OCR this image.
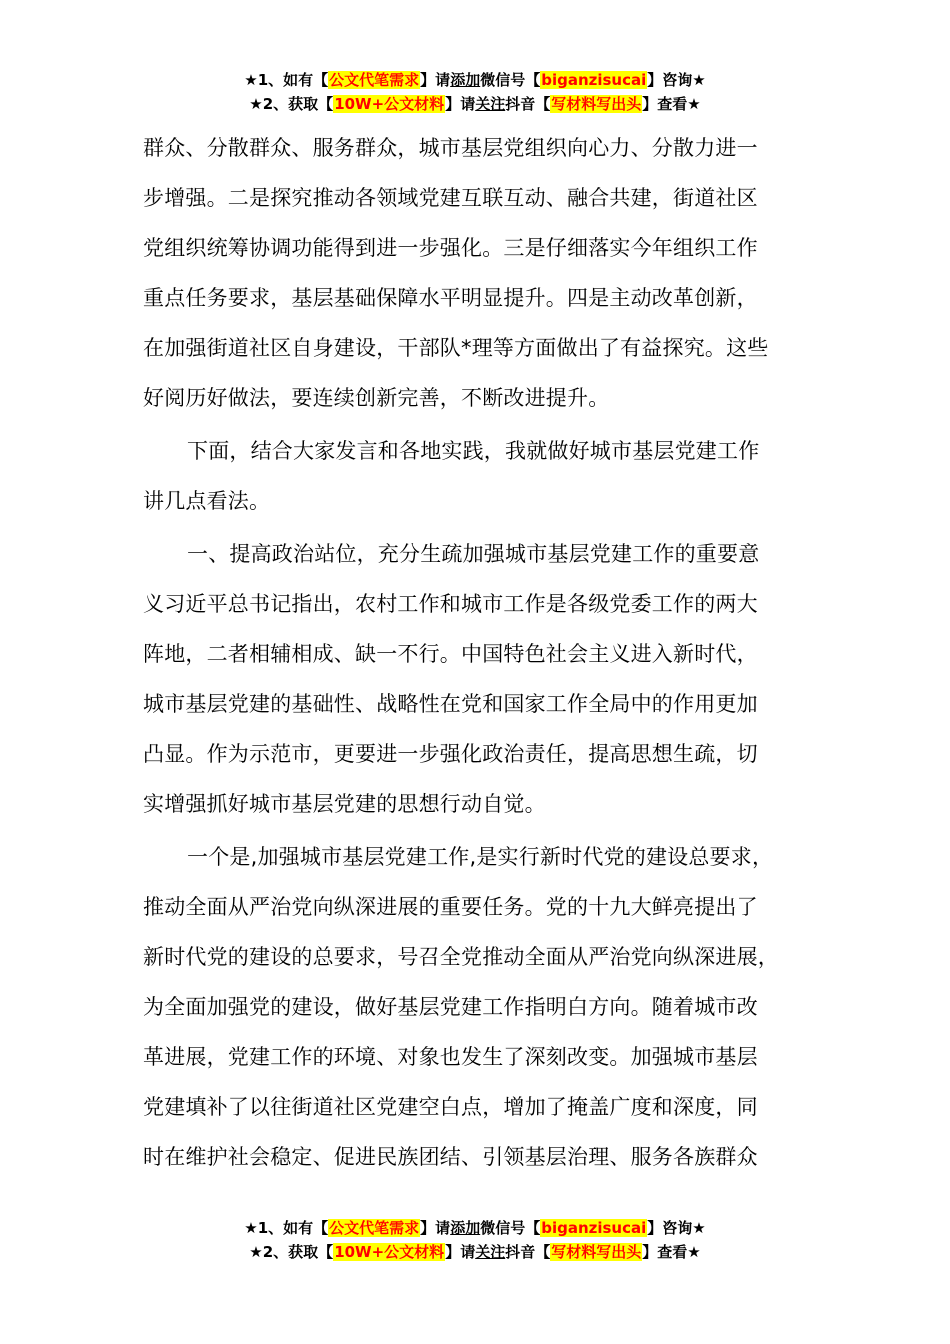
★1、如有【公文代笔需求】请添加微信号【biganzisucai】咨询★
★2、获取【10W+公文材料】请关注抖音【写材料写出头】查看★
群众、分散群众、服务群众，城市基层党组织向心力、分散力进一
步增强。二是探究推动各领域党建互联互动、融合共建，街道社区
党组织统筹协调功能得到进一步强化。三是仔细落实今年组织工作
重点任务要求，基层基础保障水平明显提升。四是主动改革创新，
在加强街道社区自身建设，干部队*理等方面做出了有益探究。这些
好阅历好做法，要连续创新完善，不断改进提升。
下面，结合大家发言和各地实践，我就做好城市基层党建工作
讲几点看法。
一、提高政治站位，充分生疏加强城市基层党建工作的重要意
义习近平总书记指出，农村工作和城市工作是各级党委工作的两大
阵地，二者相辅相成、缺一不行。中国特色社会主义进入新时代，
城市基层党建的基础性、战略性在党和国家工作全局中的作用更加
凸显。作为示范市，更要进一步强化政治责任，提高思想生疏，切
实增强抓好城市基层党建的思想行动自觉。
一个是,加强城市基层党建工作,是实行新时代党的建设总要求，
推动全面从严治党向纵深进展的重要任务。党的十九大鲜亮提出了
新时代党的建设的总要求，号召全党推动全面从严治党向纵深进展，
为全面加强党的建设，做好基层党建工作指明白方向。随着城市改
革进展，党建工作的环境、对象也发生了深刻改变。加强城市基层
党建填补了以往街道社区党建空白点，增加了掩盖广度和深度，同
时在维护社会稳定、促进民族团结、引领基层治理、服务各族群众
★1、如有【公文代笔需求】请添加微信号【biganzisucai】咨询★
★2、获取【10W+公文材料】请关注抖音【写材料写出头】查看★
